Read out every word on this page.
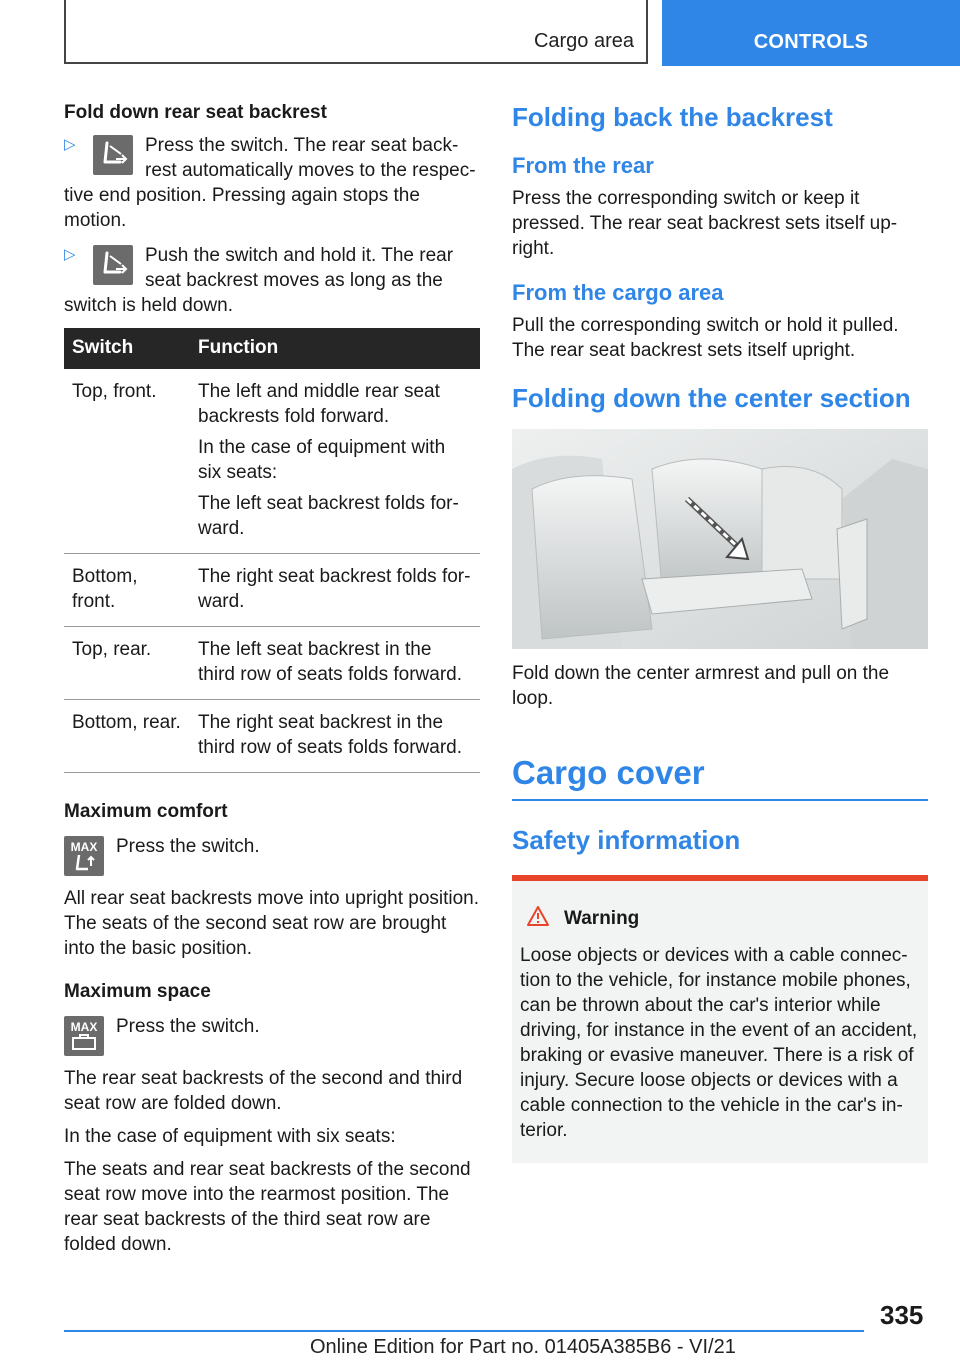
Cargo area	CONTROLS
Fold down rear seat backrest
▷	Press the switch. The rear seat back-

rest automatically moves to the respec-

tive end position. Pressing again stops the motion.

▷	Push the switch and hold it. The rear

seat backrest moves as long as the

switch is held down.

Switch	Function
Top, front.	The left and middle rear seat backrests fold forward.

In the case of equipment with six seats:

The left seat backrest folds for-ward.

Bottom, front.	The right seat backrest folds for-ward.

Top, rear.	The left seat backrest in the third row of seats folds forward.

Bottom, rear.	The right seat backrest in the third row of seats folds forward.

Maximum comfort
MAX Press the switch.

All rear seat backrests move into upright position. The seats of the second seat row are brought into the basic position.

Maximum space
MAX Press the switch.

The rear seat backrests of the second and third seat row are folded down.

In the case of equipment with six seats:

The seats and rear seat backrests of the second seat row move into the rearmost position. The rear seat backrests of the third seat row are folded down.

Folding back the backrest
From the rear

Press the corresponding switch or keep it pressed. The rear seat backrest sets itself up-right.

From the cargo area

Pull the corresponding switch or hold it pulled. The rear seat backrest sets itself upright.

Folding down the center section

Fold down the center armrest and pull on the loop.

Cargo cover
Safety information
Warning

Loose objects or devices with a cable connec-tion to the vehicle, for instance mobile phones, can be thrown about the car's interior while driving, for instance in the event of an accident, braking or evasive maneuver. There is a risk of injury. Secure loose objects or devices with a cable connection to the vehicle in the car's in-terior.

335
Online Edition for Part no. 01405A385B6 - VI/21
